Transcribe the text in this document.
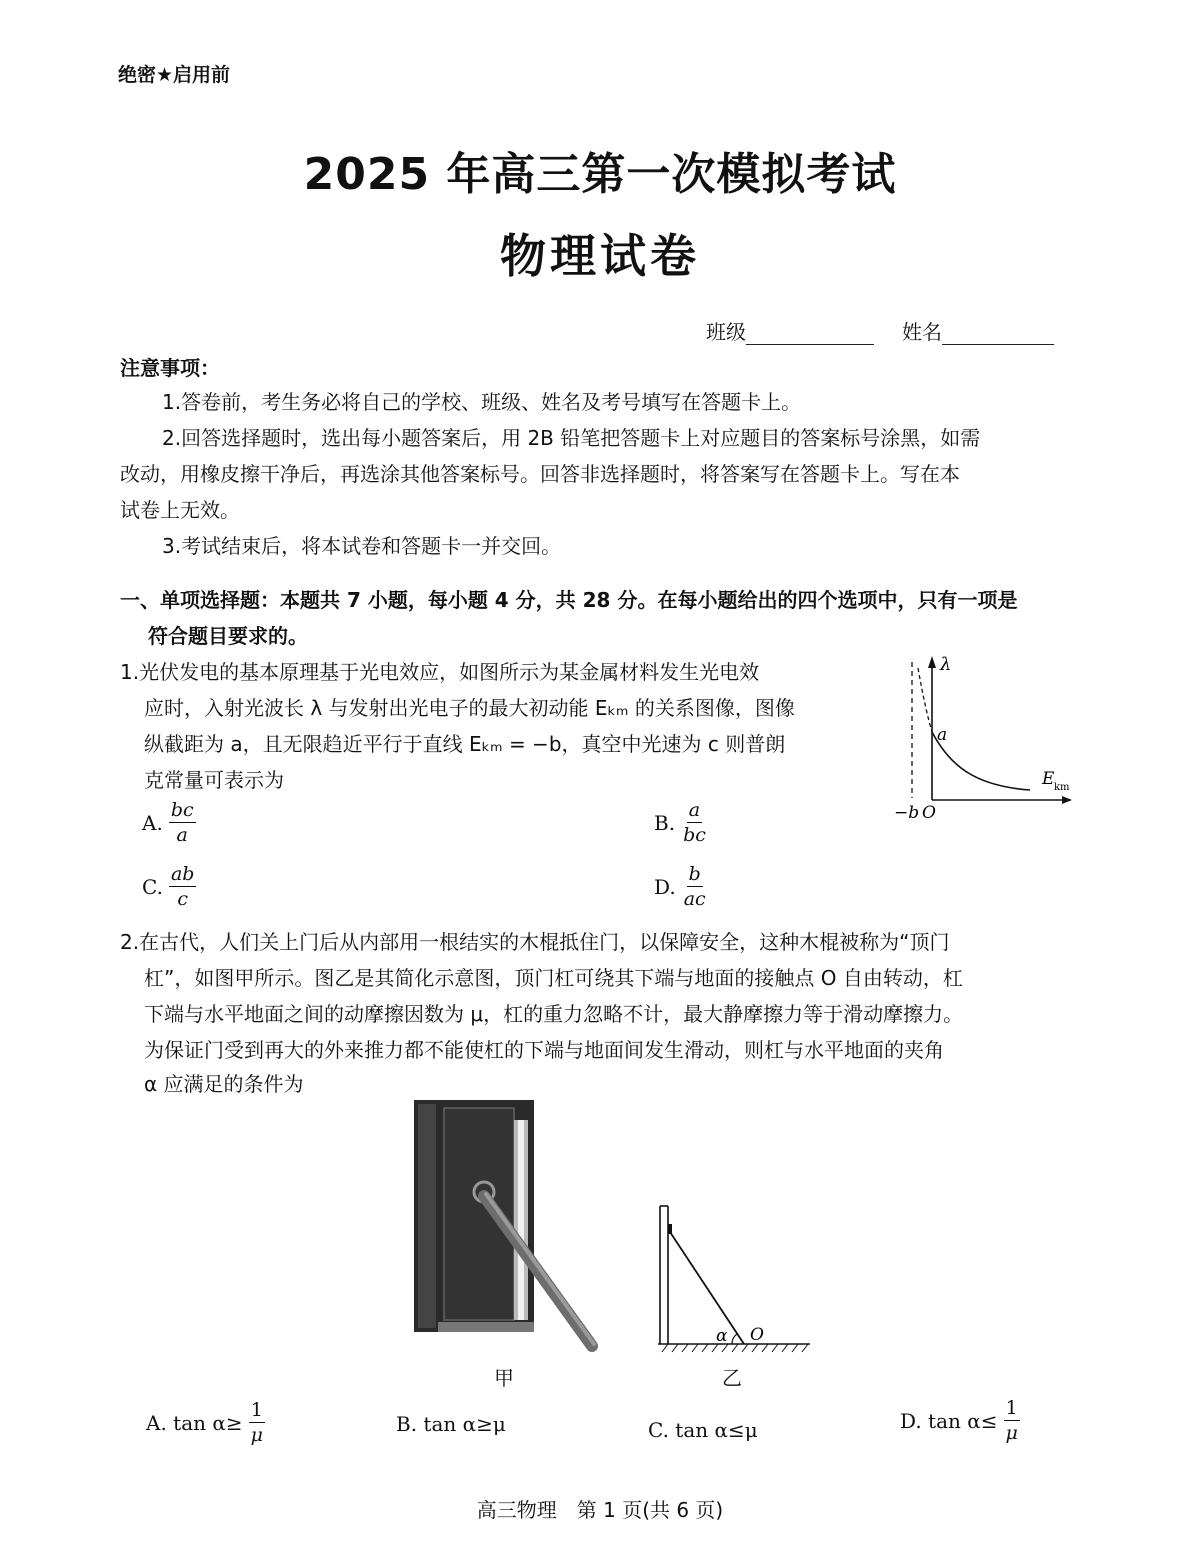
绝密★启用前
2025 年高三第一次模拟考试
物理试卷
班级	姓名
注意事项：
1.答卷前，考生务必将自己的学校、班级、姓名及考号填写在答题卡上。
2.回答选择题时，选出每小题答案后，用 2B 铅笔把答题卡上对应题目的答案标号涂黑，如需
改动，用橡皮擦干净后，再选涂其他答案标号。回答非选择题时，将答案写在答题卡上。写在本
试卷上无效。
3.考试结束后，将本试卷和答题卡一并交回。
一、单项选择题：本题共 7 小题，每小题 4 分，共 28 分。在每小题给出的四个选项中，只有一项是
符合题目要求的。
1.光伏发电的基本原理基于光电效应，如图所示为某金属材料发生光电效
应时，入射光波长 λ 与发射出光电子的最大初动能 Eₖₘ 的关系图像，图像
纵截距为 a，且无限趋近平行于直线 Eₖₘ = −b，真空中光速为 c 则普朗
克常量可表示为
λ
a
E km
−b O
A. $\frac{bc}{a}$	B. $\frac{a}{bc}$
C. $\frac{ab}{c}$	D. $\frac{b}{ac}$
2.在古代，人们关上门后从内部用一根结实的木棍抵住门，以保障安全，这种木棍被称为“顶门
杠”，如图甲所示。图乙是其简化示意图，顶门杠可绕其下端与地面的接触点 O 自由转动，杠
下端与水平地面之间的动摩擦因数为 μ，杠的重力忽略不计，最大静摩擦力等于滑动摩擦力。
为保证门受到再大的外来推力都不能使杠的下端与地面间发生滑动，则杠与水平地面的夹角
α 应满足的条件为
甲
α O
乙
A. $\tan \alpha\ge \frac{1}{\mu}$	B. tan α≥μ	C. tan α≤μ	D. $\tan \alpha\le \frac{1}{\mu}$
高三物理　第 1 页(共 6 页)
